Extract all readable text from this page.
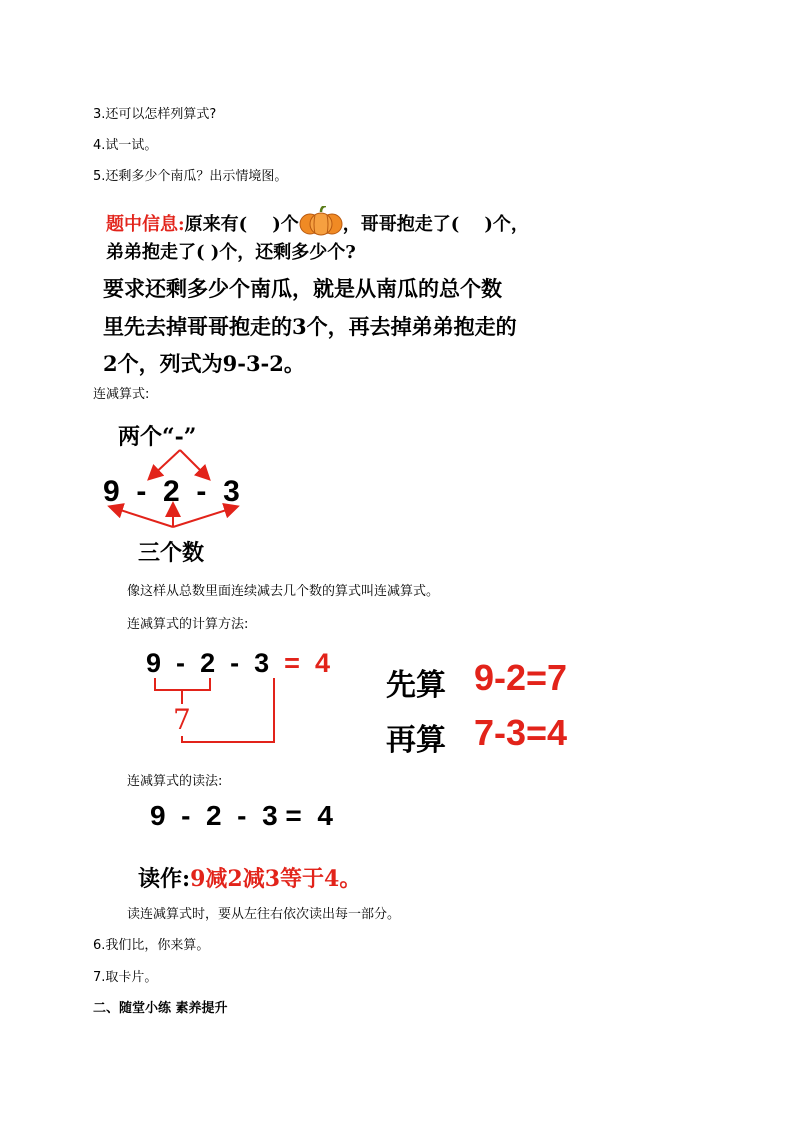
3.还可以怎样列算式?
4.试一试。
5.还剩多少个南瓜？出示情境图。
题中信息:原来有( )个 ，哥哥抱走了( )个，
弟弟抱走了( )个，还剩多少个?
要求还剩多少个南瓜，就是从南瓜的总个数
里先去掉哥哥抱走的3个，再去掉弟弟抱走的
2个，列式为9-3-2。
连减算式:
两个“-”
9 - 2 - 3
三个数
像这样从总数里面连续减去几个数的算式叫连减算式。
连减算式的计算方法:
9 - 2 - 3 = 4
7
先算 9-2=7
再算 7-3=4
连减算式的读法:
9 - 2 - 3 = 4
读作:9减2减3等于4。
读连减算式时，要从左往右依次读出每一部分。
6.我们比，你来算。
7.取卡片。
二、随堂小练 素养提升
